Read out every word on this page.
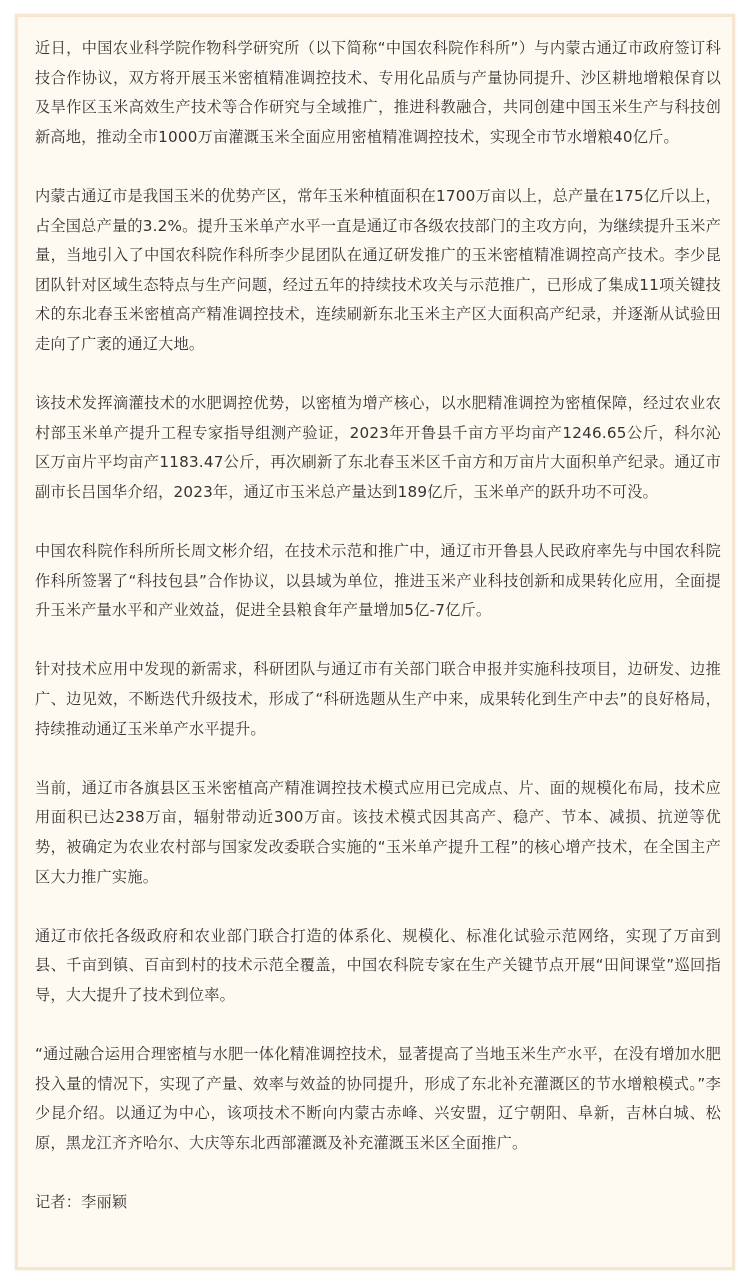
近日，中国农业科学院作物科学研究所（以下简称“中国农科院作科所”）与内蒙古通辽市政府签订科技合作协议，双方将开展玉米密植精准调控技术、专用化品质与产量协同提升、沙区耕地增粮保育以及旱作区玉米高效生产技术等合作研究与全域推广，推进科教融合，共同创建中国玉米生产与科技创新高地，推动全市1000万亩灌溉玉米全面应用密植精准调控技术，实现全市节水增粮40亿斤。

内蒙古通辽市是我国玉米的优势产区，常年玉米种植面积在1700万亩以上，总产量在175亿斤以上，占全国总产量的3.2%。提升玉米单产水平一直是通辽市各级农技部门的主攻方向，为继续提升玉米产量，当地引入了中国农科院作科所李少昆团队在通辽研发推广的玉米密植精准调控高产技术。李少昆团队针对区域生态特点与生产问题，经过五年的持续技术攻关与示范推广，已形成了集成11项关键技术的东北春玉米密植高产精准调控技术，连续刷新东北玉米主产区大面积高产纪录，并逐渐从试验田走向了广袤的通辽大地。

该技术发挥滴灌技术的水肥调控优势，以密植为增产核心，以水肥精准调控为密植保障，经过农业农村部玉米单产提升工程专家指导组测产验证，2023年开鲁县千亩方平均亩产1246.65公斤，科尔沁区万亩片平均亩产1183.47公斤，再次刷新了东北春玉米区千亩方和万亩片大面积单产纪录。通辽市副市长吕国华介绍，2023年，通辽市玉米总产量达到189亿斤，玉米单产的跃升功不可没。

中国农科院作科所所长周文彬介绍，在技术示范和推广中，通辽市开鲁县人民政府率先与中国农科院作科所签署了“科技包县”合作协议，以县域为单位，推进玉米产业科技创新和成果转化应用，全面提升玉米产量水平和产业效益，促进全县粮食年产量增加5亿-7亿斤。

针对技术应用中发现的新需求，科研团队与通辽市有关部门联合申报并实施科技项目，边研发、边推广、边见效，不断迭代升级技术，形成了“科研选题从生产中来，成果转化到生产中去”的良好格局，持续推动通辽玉米单产水平提升。

当前，通辽市各旗县区玉米密植高产精准调控技术模式应用已完成点、片、面的规模化布局，技术应用面积已达238万亩，辐射带动近300万亩。该技术模式因其高产、稳产、节本、减损、抗逆等优势，被确定为农业农村部与国家发改委联合实施的“玉米单产提升工程”的核心增产技术，在全国主产区大力推广实施。

通辽市依托各级政府和农业部门联合打造的体系化、规模化、标准化试验示范网络，实现了万亩到县、千亩到镇、百亩到村的技术示范全覆盖，中国农科院专家在生产关键节点开展“田间课堂”巡回指导，大大提升了技术到位率。

“通过融合运用合理密植与水肥一体化精准调控技术，显著提高了当地玉米生产水平，在没有增加水肥投入量的情况下，实现了产量、效率与效益的协同提升，形成了东北补充灌溉区的节水增粮模式。”李少昆介绍。以通辽为中心，该项技术不断向内蒙古赤峰、兴安盟，辽宁朝阳、阜新，吉林白城、松原，黑龙江齐齐哈尔、大庆等东北西部灌溉及补充灌溉玉米区全面推广。

记者：李丽颖
